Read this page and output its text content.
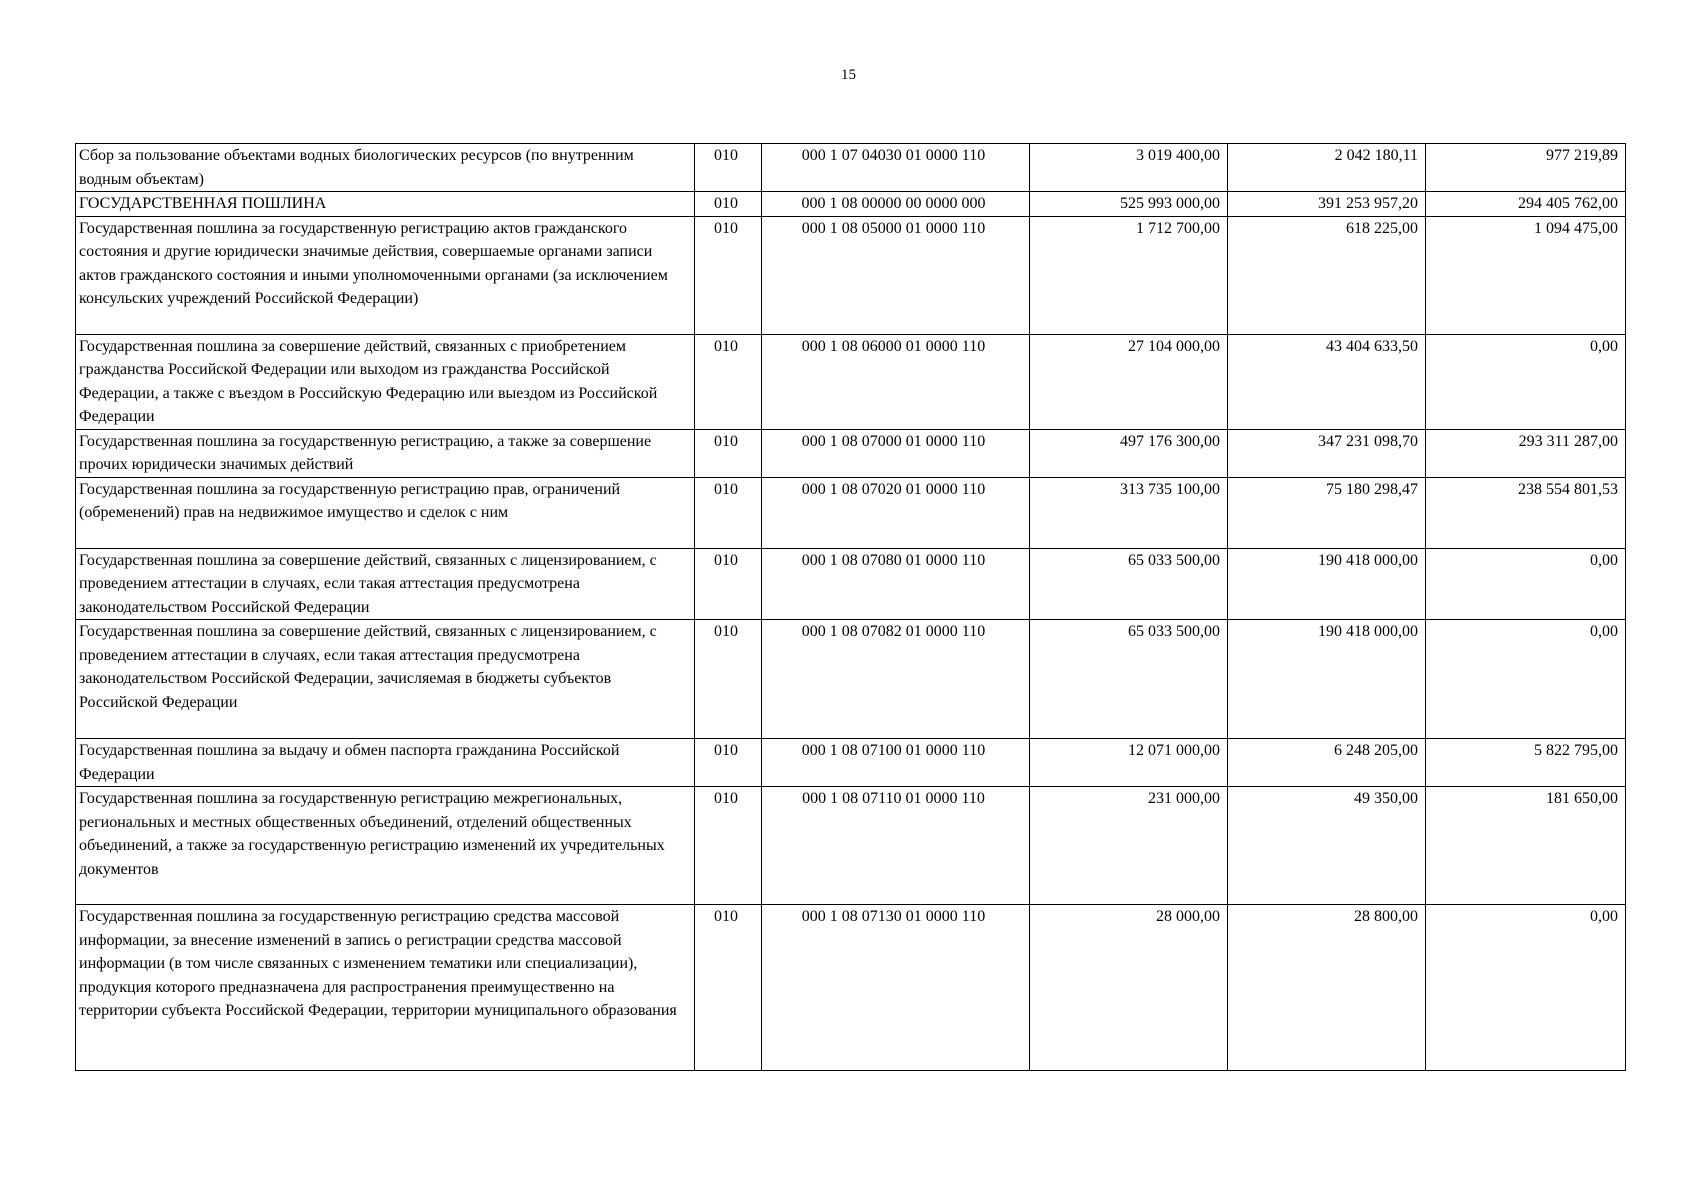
15
Сбор за пользование объектами водных биологических ресурсов (по внутренним водным объектам)	010	000 1 07 04030 01 0000 110	3 019 400,00	2 042 180,11	977 219,89
ГОСУДАРСТВЕННАЯ ПОШЛИНА	010	000 1 08 00000 00 0000 000	525 993 000,00	391 253 957,20	294 405 762,00
Государственная пошлина за государственную регистрацию актов гражданского состояния и другие юридически значимые действия, совершаемые органами записи актов гражданского состояния и иными уполномоченными органами (за исключением консульских учреждений Российской Федерации)	010	000 1 08 05000 01 0000 110	1 712 700,00	618 225,00	1 094 475,00
Государственная пошлина за совершение действий, связанных с приобретением гражданства Российской Федерации или выходом из гражданства Российской Федерации, а также с въездом в Российскую Федерацию или выездом из Российской Федерации	010	000 1 08 06000 01 0000 110	27 104 000,00	43 404 633,50	0,00
Государственная пошлина за государственную регистрацию, а также за совершение прочих юридически значимых действий	010	000 1 08 07000 01 0000 110	497 176 300,00	347 231 098,70	293 311 287,00
Государственная пошлина за государственную регистрацию прав, ограничений (обременений) прав на недвижимое имущество и сделок с ним	010	000 1 08 07020 01 0000 110	313 735 100,00	75 180 298,47	238 554 801,53
Государственная пошлина за совершение действий, связанных с лицензированием, с проведением аттестации в случаях, если такая аттестация предусмотрена законодательством Российской Федерации	010	000 1 08 07080 01 0000 110	65 033 500,00	190 418 000,00	0,00
Государственная пошлина за совершение действий, связанных с лицензированием, с проведением аттестации в случаях, если такая аттестация предусмотрена законодательством Российской Федерации, зачисляемая в бюджеты субъектов Российской Федерации	010	000 1 08 07082 01 0000 110	65 033 500,00	190 418 000,00	0,00
Государственная пошлина за выдачу и обмен паспорта гражданина Российской Федерации	010	000 1 08 07100 01 0000 110	12 071 000,00	6 248 205,00	5 822 795,00
Государственная пошлина за государственную регистрацию межрегиональных, региональных и местных общественных объединений, отделений общественных объединений, а также за государственную регистрацию изменений их учредительных документов	010	000 1 08 07110 01 0000 110	231 000,00	49 350,00	181 650,00
Государственная пошлина за государственную регистрацию средства массовой информации, за внесение изменений в запись о регистрации средства массовой информации (в том числе связанных с изменением тематики или специализации), продукция которого предназначена для распространения преимущественно на территории субъекта Российской Федерации, территории муниципального образования	010	000 1 08 07130 01 0000 110	28 000,00	28 800,00	0,00
